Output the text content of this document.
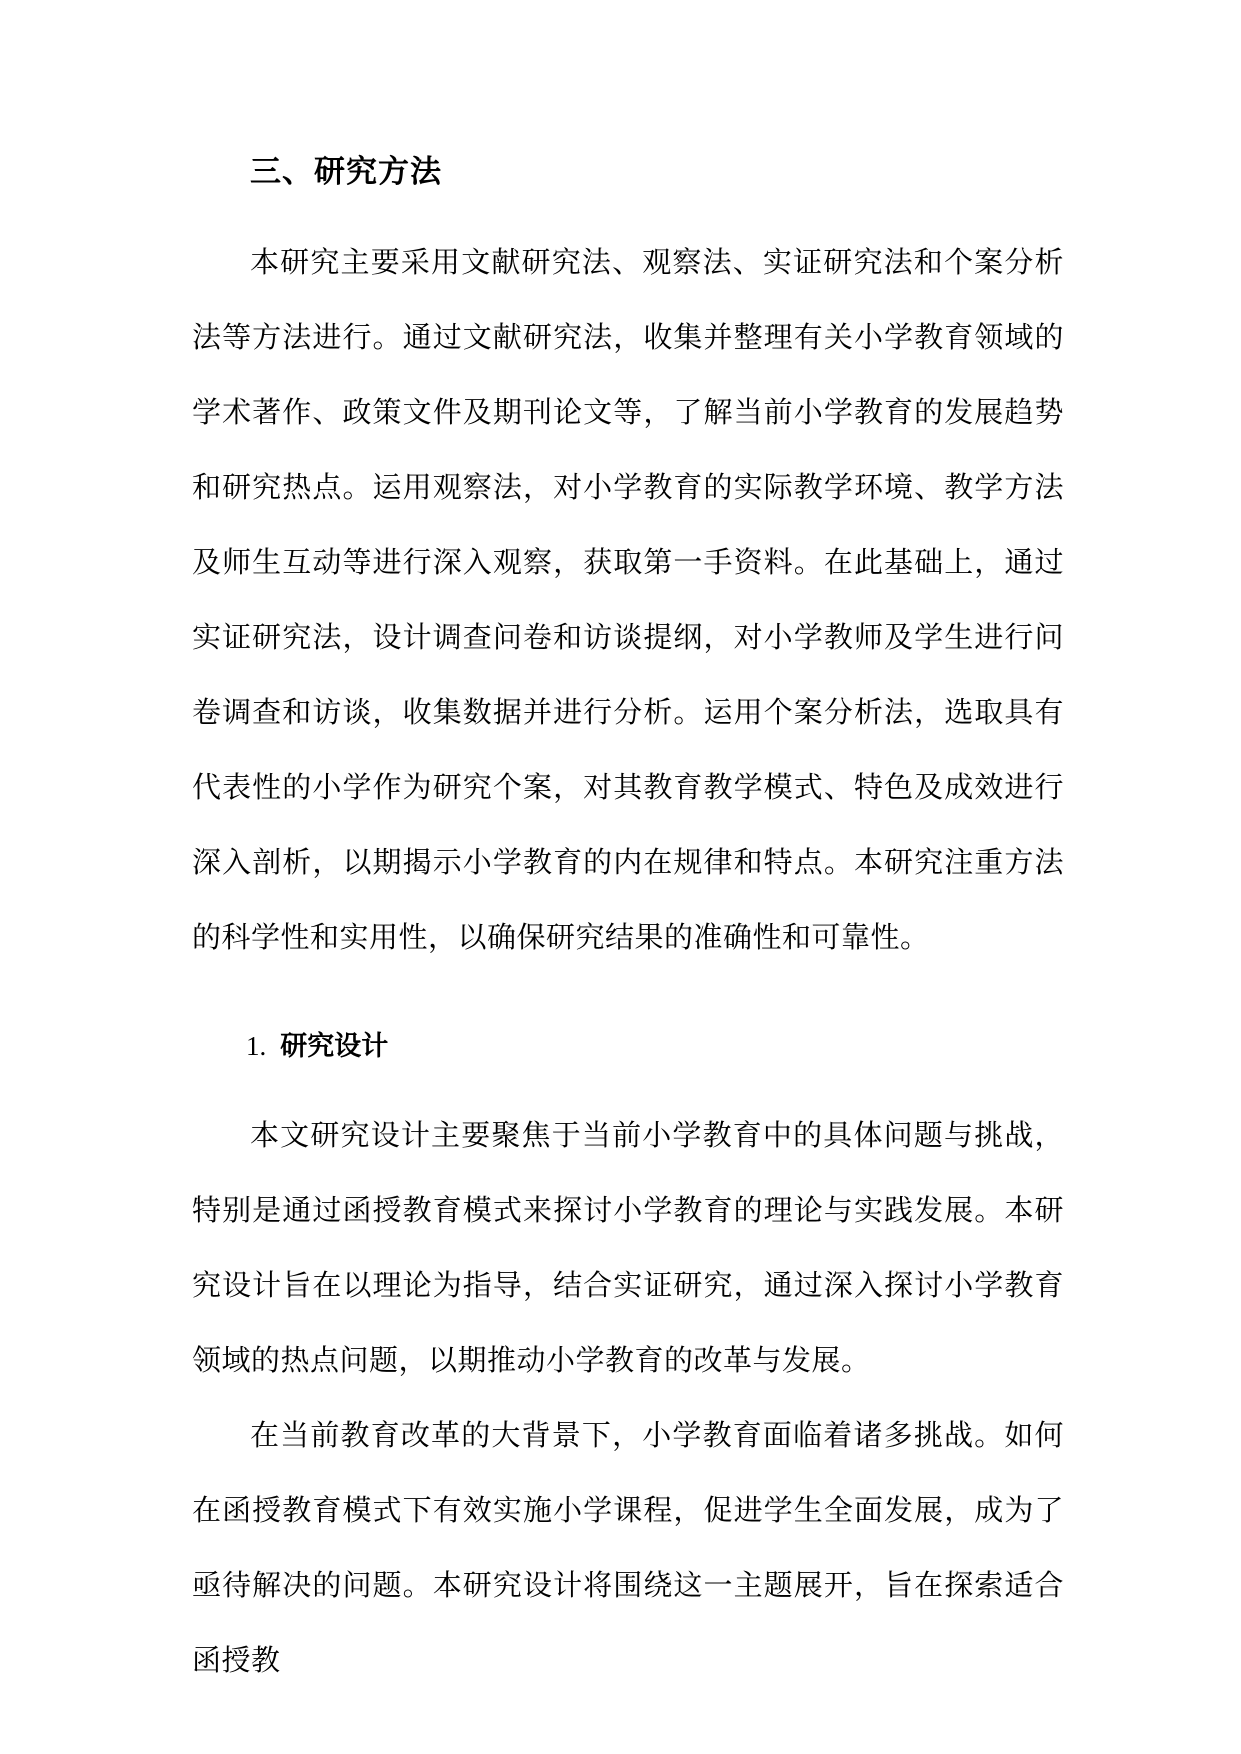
三、研究方法

本研究主要采用文献研究法、观察法、实证研究法和个案分析法等方法进行。通过文献研究法，收集并整理有关小学教育领域的学术著作、政策文件及期刊论文等，了解当前小学教育的发展趋势和研究热点。运用观察法，对小学教育的实际教学环境、教学方法及师生互动等进行深入观察，获取第一手资料。在此基础上，通过实证研究法，设计调查问卷和访谈提纲，对小学教师及学生进行问卷调查和访谈，收集数据并进行分析。运用个案分析法，选取具有代表性的小学作为研究个案，对其教育教学模式、特色及成效进行深入剖析，以期揭示小学教育的内在规律和特点。本研究注重方法的科学性和实用性，以确保研究结果的准确性和可靠性。

1. 研究设计

本文研究设计主要聚焦于当前小学教育中的具体问题与挑战，特别是通过函授教育模式来探讨小学教育的理论与实践发展。本研究设计旨在以理论为指导，结合实证研究，通过深入探讨小学教育领域的热点问题，以期推动小学教育的改革与发展。

在当前教育改革的大背景下，小学教育面临着诸多挑战。如何在函授教育模式下有效实施小学课程，促进学生全面发展，成为了亟待解决的问题。本研究设计将围绕这一主题展开，旨在探索适合函授教
